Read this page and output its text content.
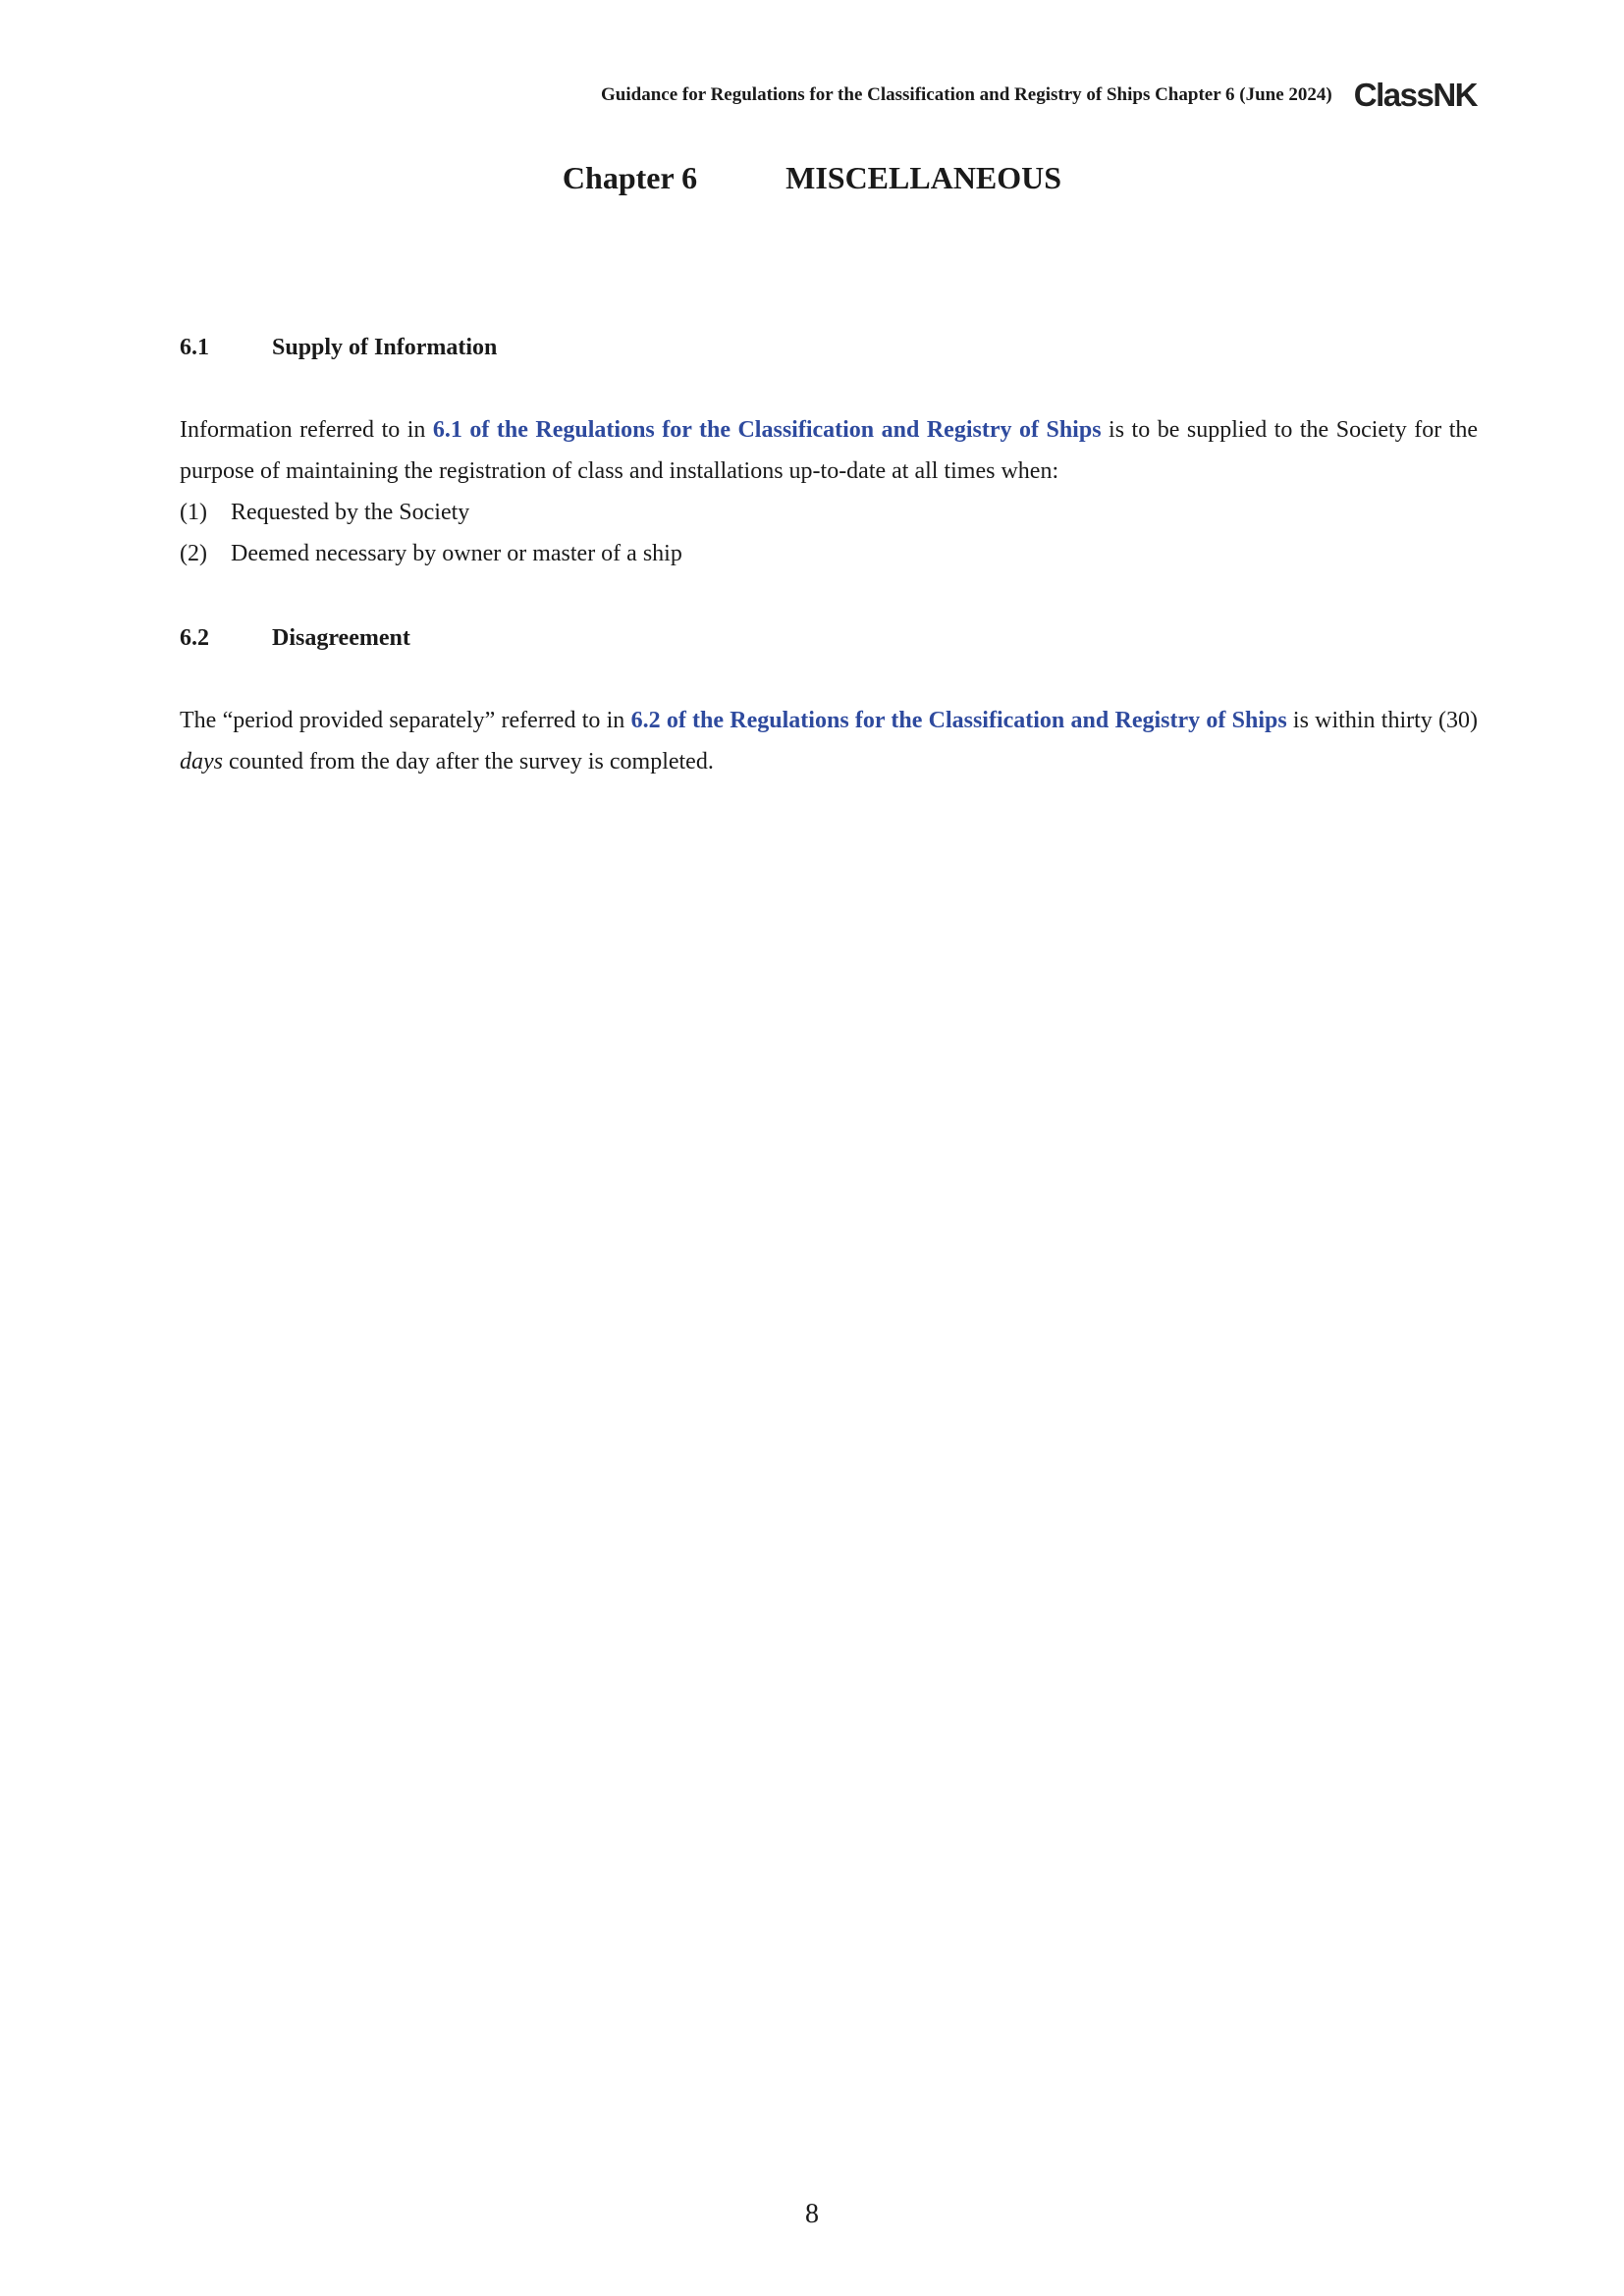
Guidance for Regulations for the Classification and Registry of Ships Chapter 6 (June 2024) ClassNK
Chapter 6	MISCELLANEOUS
6.1	Supply of Information

Information referred to in 6.1 of the Regulations for the Classification and Registry of Ships is to be supplied to the Society for the purpose of maintaining the registration of class and installations up-to-date at all times when:

(1)	Requested by the Society
(2)	Deemed necessary by owner or master of a ship
6.2	Disagreement

The “period provided separately” referred to in 6.2 of the Regulations for the Classification and Registry of Ships is within thirty (30) days counted from the day after the survey is completed.

8
